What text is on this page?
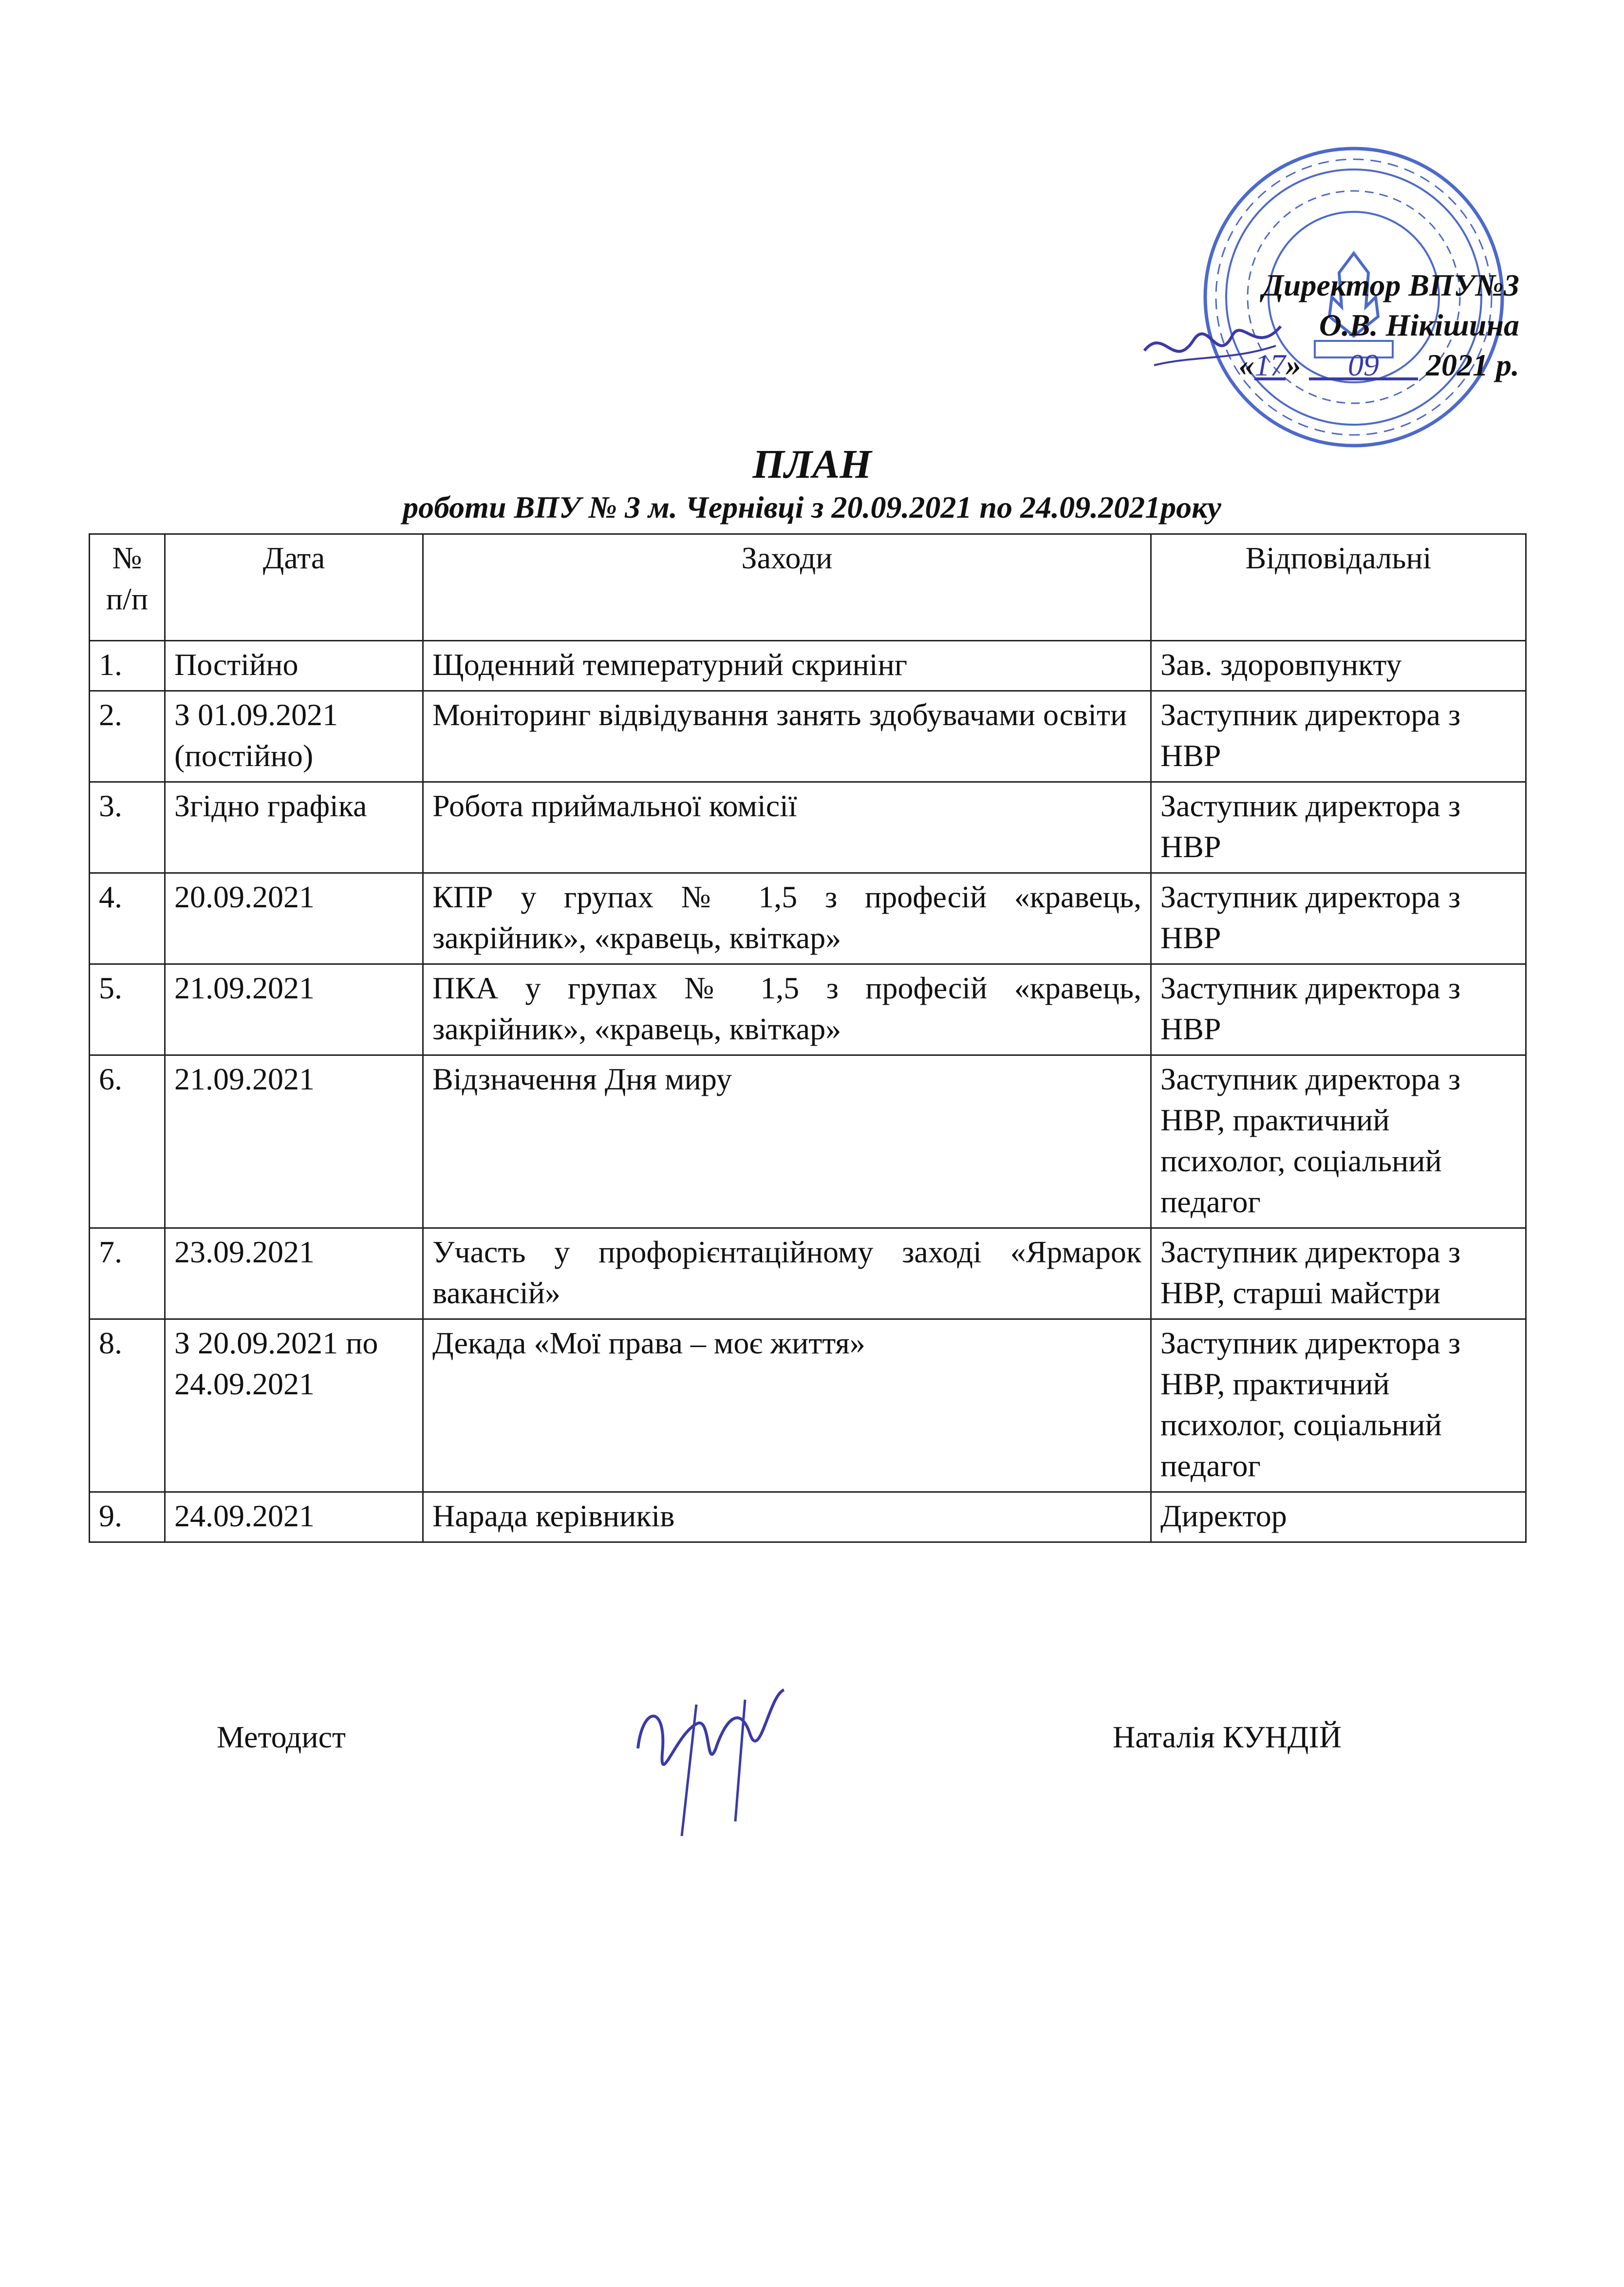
Директор ВПУ№3
О.В. Нікішина
«17» 09 2021 р.
ПЛАН
роботи ВПУ № 3 м. Чернівці з 20.09.2021 по 24.09.2021року
№ п/п	Дата	Заходи	Відповідальні
1.	Постійно	Щоденний температурний скринінг	Зав. здоровпункту
2.	З 01.09.2021 (постійно)	Моніторинг відвідування занять здобувачами освіти	Заступник директора з НВР
3.	Згідно графіка	Робота приймальної комісії	Заступник директора з НВР
4.	20.09.2021	КПР у групах № 1,5 з професій «кравець, закрійник», «кравець, квіткар»	Заступник директора з НВР
5.	21.09.2021	ПКА у групах № 1,5 з професій «кравець, закрійник», «кравець, квіткар»	Заступник директора з НВР
6.	21.09.2021	Відзначення Дня миру	Заступник директора з НВР, практичний психолог, соціальний педагог
7.	23.09.2021	Участь у профорієнтаційному заході «Ярмарок вакансій»	Заступник директора з НВР, старші майстри
8.	З 20.09.2021 по 24.09.2021	Декада «Мої права – моє життя»	Заступник директора з НВР, практичний психолог, соціальний педагог
9.	24.09.2021	Нарада керівників	Директор
Методист	Наталія КУНДІЙ
